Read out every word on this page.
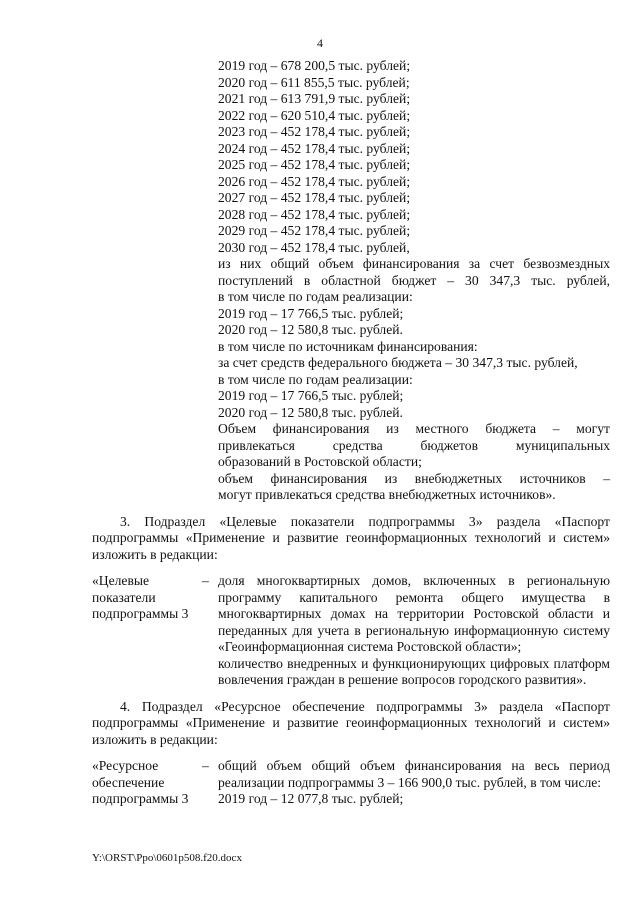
4
2019 год – 678 200,5 тыс. рублей;
2020 год – 611 855,5 тыс. рублей;
2021 год – 613 791,9 тыс. рублей;
2022 год – 620 510,4 тыс. рублей;
2023 год – 452 178,4 тыс. рублей;
2024 год – 452 178,4 тыс. рублей;
2025 год – 452 178,4 тыс. рублей;
2026 год – 452 178,4 тыс. рублей;
2027 год – 452 178,4 тыс. рублей;
2028 год – 452 178,4 тыс. рублей;
2029 год – 452 178,4 тыс. рублей;
2030 год – 452 178,4 тыс. рублей,
из них общий объем финансирования за счет безвозмездных
поступлений в областной бюджет – 30 347,3 тыс. рублей,
в том числе по годам реализации:
2019 год – 17 766,5 тыс. рублей;
2020 год – 12 580,8 тыс. рублей.
в том числе по источникам финансирования:
за счет средств федерального бюджета – 30 347,3 тыс. рублей,
в том числе по годам реализации:
2019 год – 17 766,5 тыс. рублей;
2020 год – 12 580,8 тыс. рублей.
Объем финансирования из местного бюджета – могут
привлекаться средства бюджетов муниципальных
образований в Ростовской области;
объем финансирования из внебюджетных источников –
могут привлекаться средства внебюджетных источников».
3. Подраздел «Целевые показатели подпрограммы 3» раздела «Паспорт подпрограммы «Применение и развитие геоинформационных технологий и систем» изложить в редакции:
«Целевые показатели подпрограммы 3
– доля многоквартирных домов, включенных в региональную программу капитального ремонта общего имущества в многоквартирных домах на территории Ростовской области и переданных для учета в региональную информационную систему «Геоинформационная система Ростовской области»;
количество внедренных и функционирующих цифровых платформ вовлечения граждан в решение вопросов городского развития».
4. Подраздел «Ресурсное обеспечение подпрограммы 3» раздела «Паспорт подпрограммы «Применение и развитие геоинформационных технологий и систем» изложить в редакции:
«Ресурсное обеспечение подпрограммы 3
– общий объем общий объем финансирования на весь период реализации подпрограммы 3 – 166 900,0 тыс. рублей, в том числе:
2019 год – 12 077,8 тыс. рублей;
Y:\ORST\Ppo\0601p508.f20.docx
